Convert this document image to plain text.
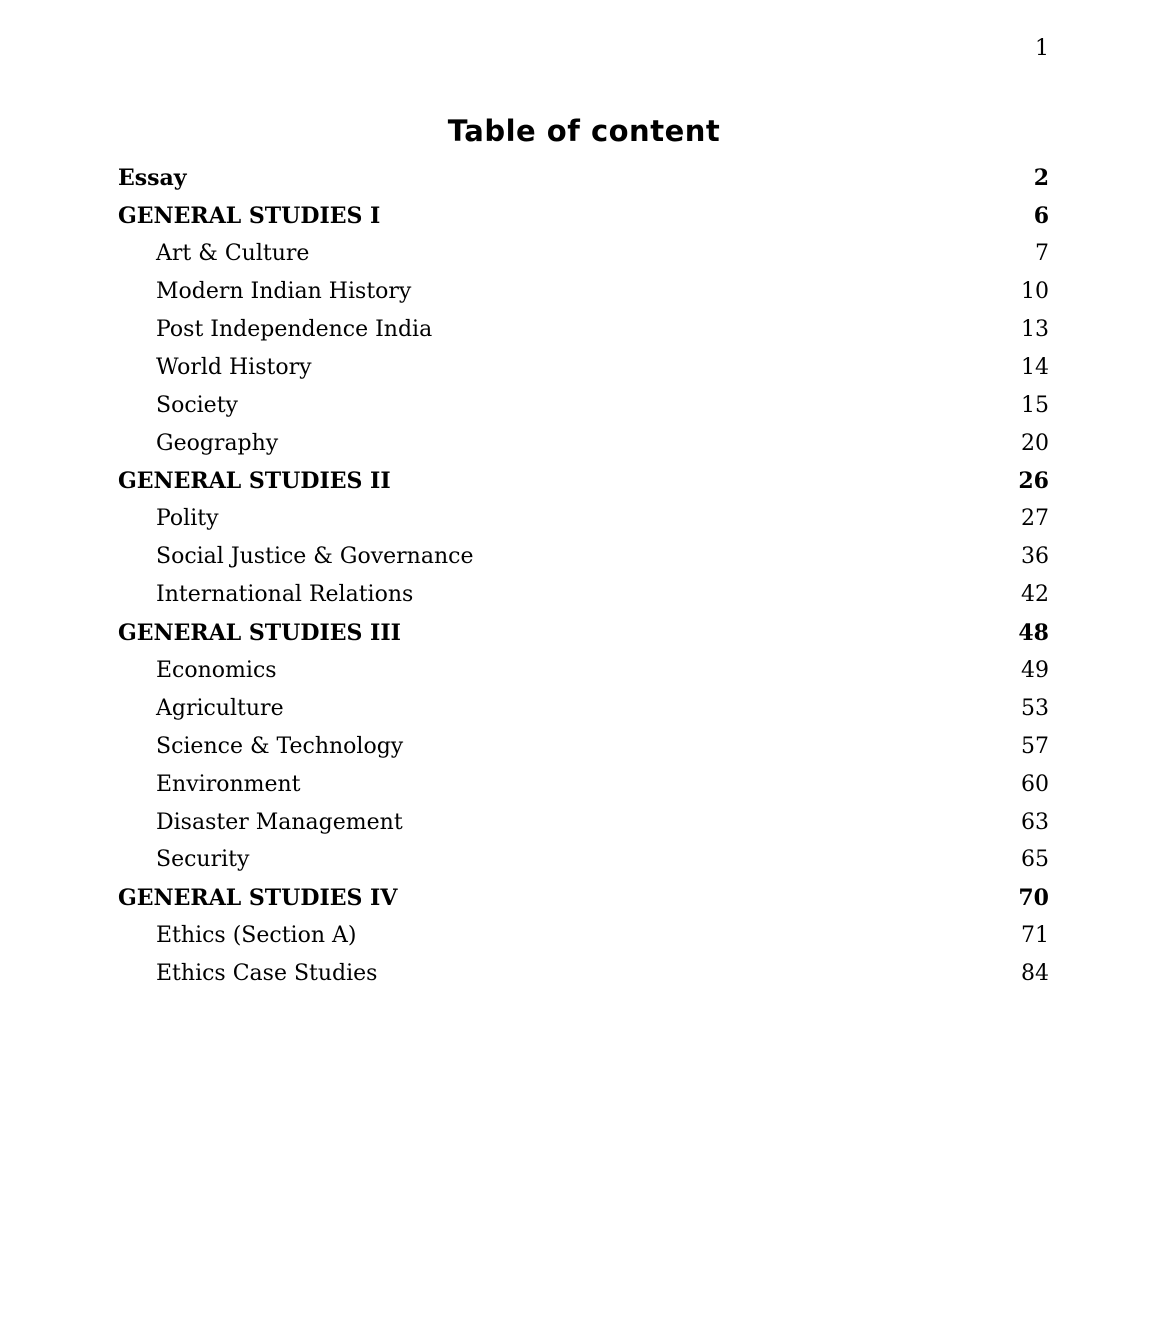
1
Table of content
Essay	2
GENERAL STUDIES I	6
Art & Culture	7
Modern Indian History	10
Post Independence India	13
World History	14
Society	15
Geography	20
GENERAL STUDIES II	26
Polity	27
Social Justice & Governance	36
International Relations	42
GENERAL STUDIES III	48
Economics	49
Agriculture	53
Science & Technology	57
Environment	60
Disaster Management	63
Security	65
GENERAL STUDIES IV	70
Ethics (Section A)	71
Ethics Case Studies	84
